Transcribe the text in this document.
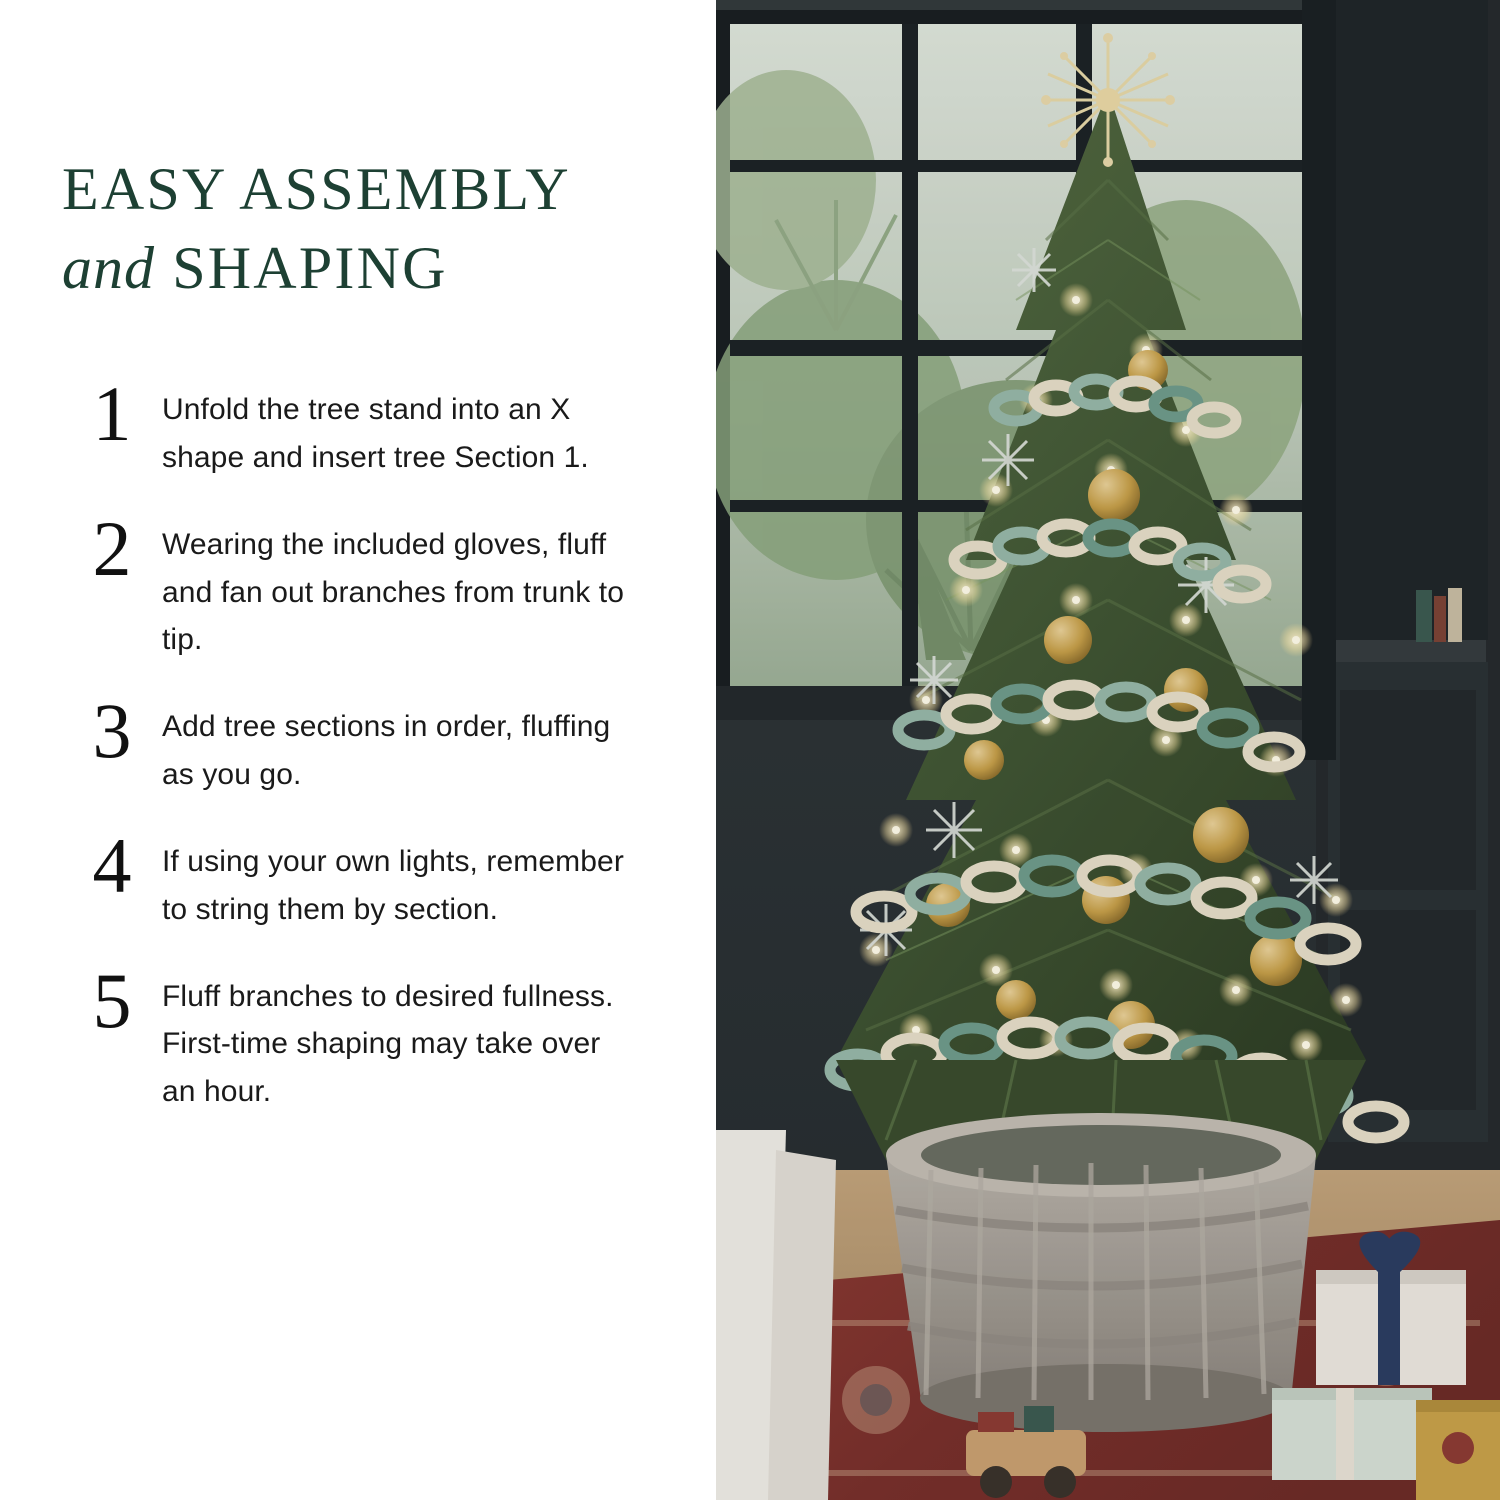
EASY ASSEMBLY
and SHAPING
1	Unfold the tree stand into an X shape and insert tree Section 1.
2	Wearing the included gloves, fluff and fan out branches from trunk to tip.
3	Add tree sections in order, fluffing as you go.
4	If using your own lights, remember to string them by section.
5	Fluff branches to desired fullness. First-time shaping may take over an hour.
